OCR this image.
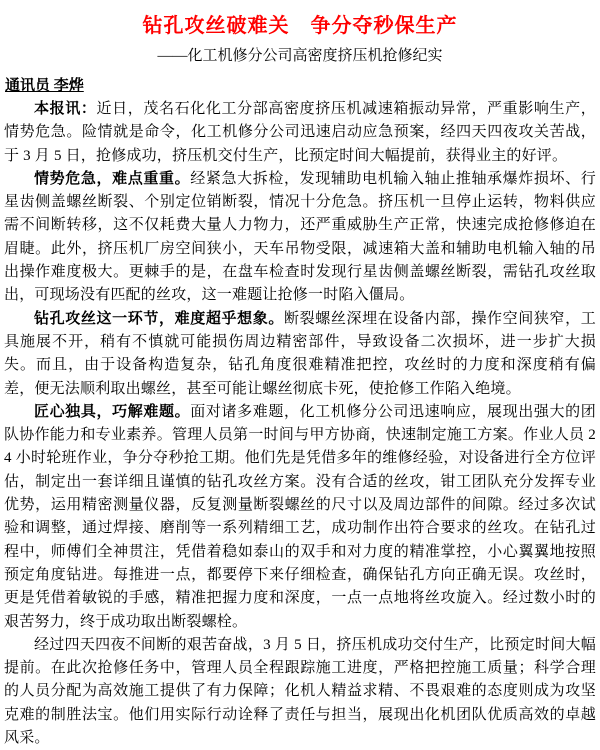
钻孔攻丝破难关　争分夺秒保生产
——化工机修分公司高密度挤压机抢修纪实
通讯员 李烨

本报讯：近日，茂名石化化工分部高密度挤压机减速箱振动异常，严重影响生产，情势危急。险情就是命令，化工机修分公司迅速启动应急预案，经四天四夜攻关苦战，于 3 月 5 日，抢修成功，挤压机交付生产，比预定时间大幅提前，获得业主的好评。

情势危急，难点重重。经紧急大拆检，发现辅助电机输入轴止推轴承爆炸损坏、行星齿侧盖螺丝断裂、个别定位销断裂，情况十分危急。挤压机一旦停止运转，物料供应需不间断转移，这不仅耗费大量人力物力，还严重威胁生产正常，快速完成抢修修迫在眉睫。此外，挤压机厂房空间狭小，天车吊物受限，减速箱大盖和辅助电机输入轴的吊出操作难度极大。更棘手的是，在盘车检查时发现行星齿侧盖螺丝断裂，需钻孔攻丝取出，可现场没有匹配的丝攻，这一难题让抢修一时陷入僵局。

钻孔攻丝这一环节，难度超乎想象。断裂螺丝深埋在设备内部，操作空间狭窄，工具施展不开，稍有不慎就可能损伤周边精密部件，导致设备二次损坏，进一步扩大损失。而且，由于设备构造复杂，钻孔角度很难精准把控，攻丝时的力度和深度稍有偏差，便无法顺利取出螺丝，甚至可能让螺丝彻底卡死，使抢修工作陷入绝境。

匠心独具，巧解难题。面对诸多难题，化工机修分公司迅速响应，展现出强大的团队协作能力和专业素养。管理人员第一时间与甲方协商，快速制定施工方案。作业人员 24 小时轮班作业，争分夺秒抢工期。他们先是凭借多年的维修经验，对设备进行全方位评估，制定出一套详细且谨慎的钻孔攻丝方案。没有合适的丝攻，钳工团队充分发挥专业优势，运用精密测量仪器，反复测量断裂螺丝的尺寸以及周边部件的间隙。经过多次试验和调整，通过焊接、磨削等一系列精细工艺，成功制作出符合要求的丝攻。在钻孔过程中，师傅们全神贯注，凭借着稳如泰山的双手和对力度的精准掌控，小心翼翼地按照预定角度钻进。每推进一点，都要停下来仔细检查，确保钻孔方向正确无误。攻丝时，更是凭借着敏锐的手感，精准把握力度和深度，一点一点地将丝攻旋入。经过数小时的艰苦努力，终于成功取出断裂螺栓。

经过四天四夜不间断的艰苦奋战，3 月 5 日，挤压机成功交付生产，比预定时间大幅提前。在此次抢修任务中，管理人员全程跟踪施工进度，严格把控施工质量；科学合理的人员分配为高效施工提供了有力保障；化机人精益求精、不畏艰难的态度则成为攻坚克难的制胜法宝。他们用实际行动诠释了责任与担当，展现出化机团队优质高效的卓越风采。
